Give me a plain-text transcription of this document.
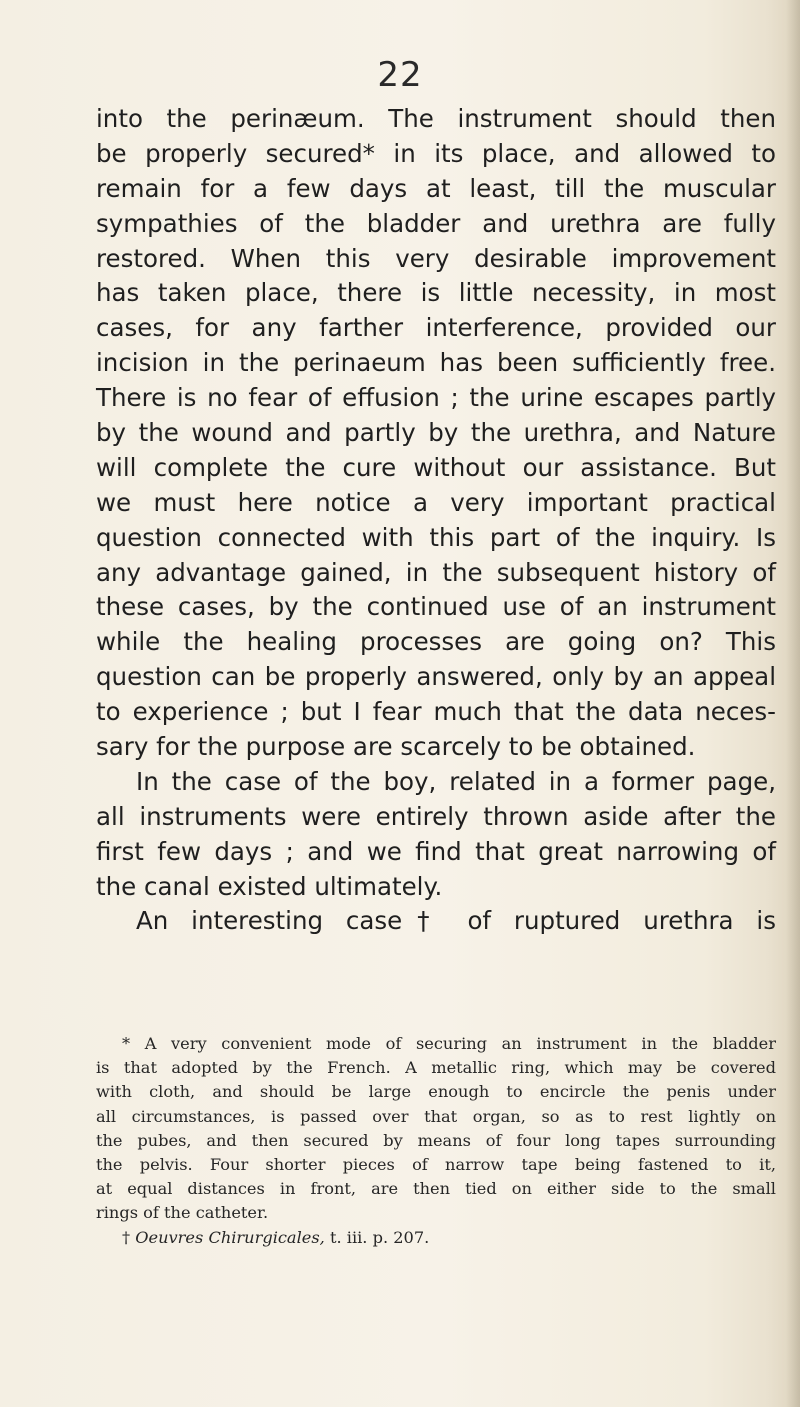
22
into the perinæum. The instrument should then
be properly secured* in its place, and allowed to
remain for a few days at least, till the muscular
sympathies of the bladder and urethra are fully
restored. When this very desirable improvement
has taken place, there is little necessity, in most
cases, for any farther interference, provided our
incision in the perinaeum has been sufficiently free.
There is no fear of effusion ; the urine escapes partly
by the wound and partly by the urethra, and Nature
will complete the cure without our assistance. But
we must here notice a very important practical
question connected with this part of the inquiry. Is
any advantage gained, in the subsequent history of
these cases, by the continued use of an instrument
while the healing processes are going on? This
question can be properly answered, only by an appeal
to experience ; but I fear much that the data neces-
sary for the purpose are scarcely to be obtained.
In the case of the boy, related in a former page,
all instruments were entirely thrown aside after the
first few days ; and we find that great narrowing of
the canal existed ultimately.
An interesting case† of ruptured urethra is
* A very convenient mode of securing an instrument in the bladder
is that adopted by the French. A metallic ring, which may be covered
with cloth, and should be large enough to encircle the penis under
all circumstances, is passed over that organ, so as to rest lightly on
the pubes, and then secured by means of four long tapes surrounding
the pelvis. Four shorter pieces of narrow tape being fastened to it,
at equal distances in front, are then tied on either side to the small
rings of the catheter.
† Oeuvres Chirurgicales, t. iii. p. 207.
